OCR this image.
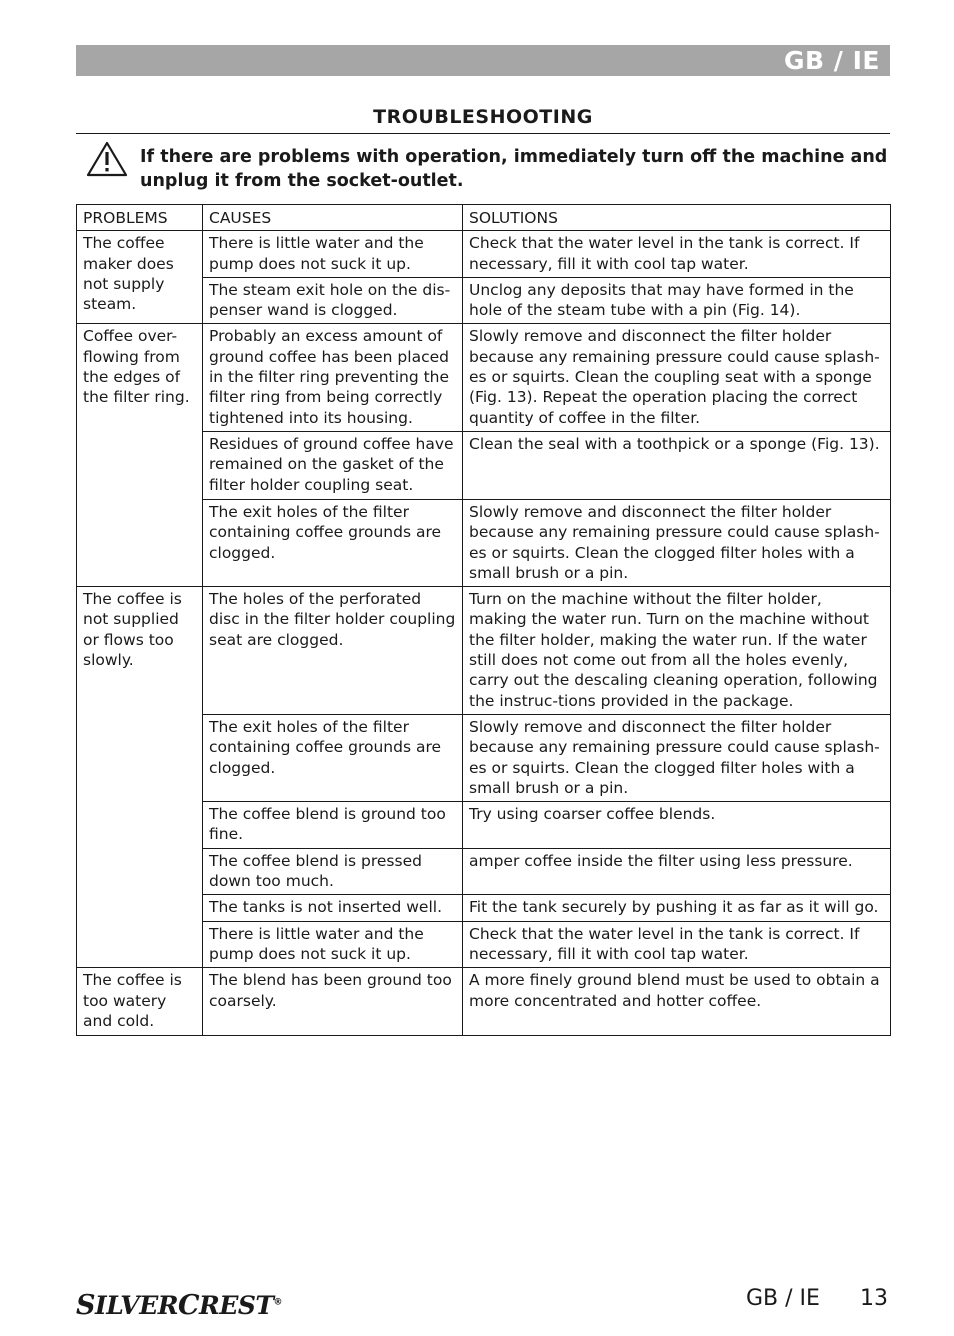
GB / IE
TROUBLESHOOTING
If there are problems with operation, immediately turn off the machine and unplug it from the socket-outlet.
PROBLEMS	CAUSES	SOLUTIONS
The coffee maker does not supply steam.	There is little water and the pump does not suck it up.	Check that the water level in the tank is correct. If necessary, fill it with cool tap water.
	The steam exit hole on the dis-penser wand is clogged.	Unclog any deposits that may have formed in the hole of the steam tube with a pin (Fig. 14).
Coffee over-flowing from the edges of the filter ring.	Probably an excess amount of ground coffee has been placed in the filter ring preventing the filter ring from being correctly tightened into its housing.	Slowly remove and disconnect the filter holder because any remaining pressure could cause splash-es or squirts. Clean the coupling seat with a sponge (Fig. 13). Repeat the operation placing the correct quantity of coffee in the filter.
	Residues of ground coffee have remained on the gasket of the filter holder coupling seat.	Clean the seal with a toothpick or a sponge (Fig. 13).
	The exit holes of the filter containing coffee grounds are clogged.	Slowly remove and disconnect the filter holder because any remaining pressure could cause splash-es or squirts. Clean the clogged filter holes with a small brush or a pin.
The coffee is not supplied or flows too slowly.	The holes of the perforated disc in the filter holder coupling seat are clogged.	Turn on the machine without the filter holder, making the water run. Turn on the machine without the filter holder, making the water run. If the water still does not come out from all the holes evenly, carry out the descaling cleaning operation, following the instruc-tions provided in the package.
	The exit holes of the filter containing coffee grounds are clogged.	Slowly remove and disconnect the filter holder because any remaining pressure could cause splash-es or squirts. Clean the clogged filter holes with a small brush or a pin.
	The coffee blend is ground too fine.	Try using coarser coffee blends.
	The coffee blend is pressed down too much.	amper coffee inside the filter using less pressure.
	The tanks is not inserted well.	Fit the tank securely by pushing it as far as it will go.
	There is little water and the pump does not suck it up.	Check that the water level in the tank is correct. If necessary, fill it with cool tap water.
The coffee is too watery and cold.	The blend has been ground too coarsely.	A more finely ground blend must be used to obtain a more concentrated and hotter coffee.
SILVERCREST®	GB / IE 13
